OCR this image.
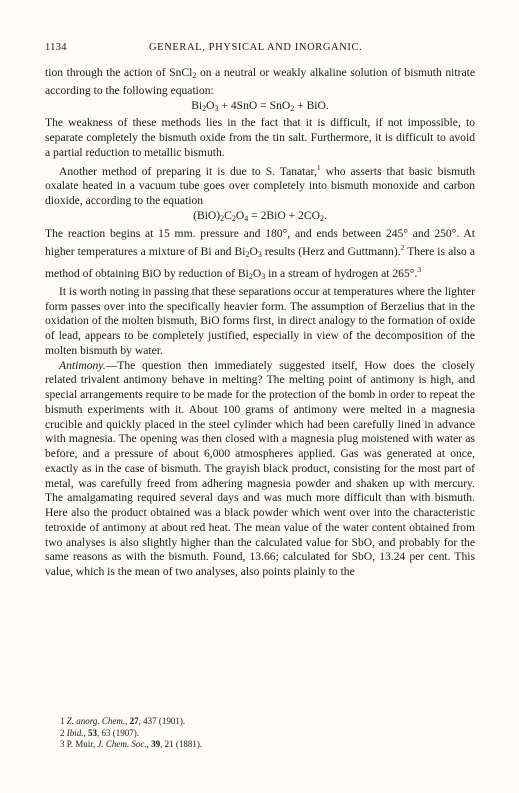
1134	GENERAL, PHYSICAL AND INORGANIC.

tion through the action of SnCl$_2$ on a neutral or weakly alkaline solution of bismuth nitrate according to the following equation:

$Bi_2O_3 + 4SnO = SnO_2$ + BiO.

The weakness of these methods lies in the fact that it is difficult, if not impossible, to separate completely the bismuth oxide from the tin salt. Furthermore, it is difficult to avoid a partial reduction to metallic bismuth.

Another method of preparing it is due to S. Tanatar,$^1$ who asserts that basic bismuth oxalate heated in a vacuum tube goes over completely into bismuth monoxide and carbon dioxide, according to the equation

$(BiO)_2C_2O_4 = 2BiO + 2CO_2$.

The reaction begins at 15 mm. pressure and 180°, and ends between 245° and 250°. At higher temperatures a mixture of Bi and $Bi_2O_3$ results (Herz and Guttmann).$^2$ There is also a method of obtaining BiO by reduction of $Bi_2O_3$ in a stream of hydrogen at 265°.$^3$

It is worth noting in passing that these separations occur at temperatures where the lighter form passes over into the specifically heavier form. The assumption of Berzelius that in the oxidation of the molten bismuth, BiO forms first, in direct analogy to the formation of oxide of lead, appears to be completely justified, especially in view of the decomposition of the molten bismuth by water.

Antimony.—The question then immediately suggested itself, How does the closely related trivalent antimony behave in melting? The melting point of antimony is high, and special arrangements require to be made for the protection of the bomb in order to repeat the bismuth experiments with it. About 100 grams of antimony were melted in a magnesia crucible and quickly placed in the steel cylinder which had been carefully lined in advance with magnesia. The opening was then closed with a magnesia plug moistened with water as before, and a pressure of about 6,000 atmospheres applied. Gas was generated at once, exactly as in the case of bismuth. The grayish black product, consisting for the most part of metal, was carefully freed from adhering magnesia powder and shaken up with mercury. The amalgamating required several days and was much more difficult than with bismuth. Here also the product obtained was a black powder which went over into the characteristic tetroxide of antimony at about red heat. The mean value of the water content obtained from two analyses is also slightly higher than the calculated value for SbO, and probably for the same reasons as with the bismuth. Found, 13.66; calculated for SbO, 13.24 per cent. This value, which is the mean of two analyses, also points plainly to the

1 Z. anorg. Chem., 27, 437 (1901).

2 Ibid., 53, 63 (1907).

3 P. Muir, J. Chem. Soc., 39, 21 (1881).
